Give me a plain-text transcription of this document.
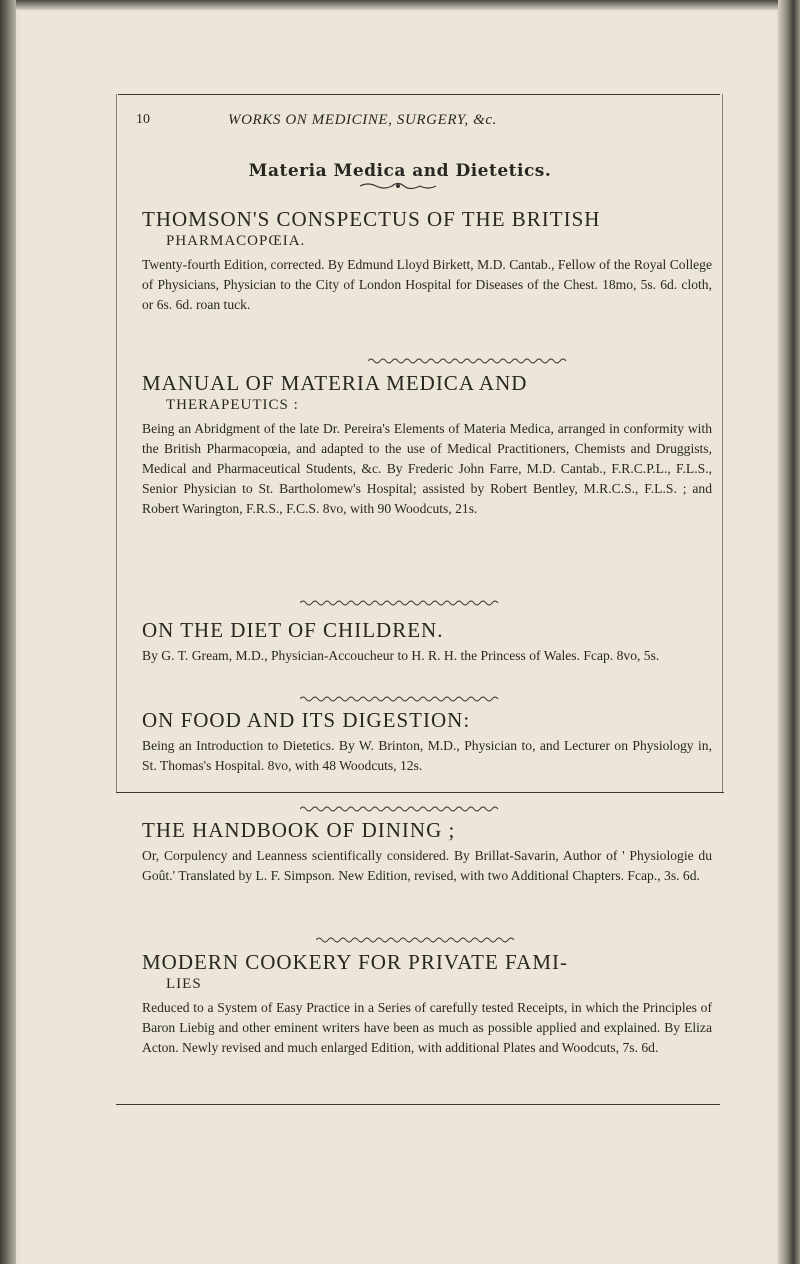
10	WORKS ON MEDICINE, SURGERY, &c.
Materia Medica and Dietetics.
THOMSON'S CONSPECTUS OF THE BRITISH
PHARMACOPŒIA.

Twenty-fourth Edition, corrected. By Edmund Lloyd Birkett, M.D. Cantab., Fellow of the Royal College of Physicians, Physician to the City of London Hospital for Diseases of the Chest. 18mo, 5s. 6d. cloth, or 6s. 6d. roan tuck.

MANUAL OF MATERIA MEDICA AND
THERAPEUTICS :

Being an Abridgment of the late Dr. Pereira's Elements of Materia Medica, arranged in conformity with the British Pharmacopœia, and adapted to the use of Medical Practitioners, Chemists and Druggists, Medical and Pharmaceutical Students, &c. By Frederic John Farre, M.D. Cantab., F.R.C.P.L., F.L.S., Senior Physician to St. Bartholomew's Hospital; assisted by Robert Bentley, M.R.C.S., F.L.S. ; and Robert Warington, F.R.S., F.C.S. 8vo, with 90 Woodcuts, 21s.

ON THE DIET OF CHILDREN.

By G. T. Gream, M.D., Physician-Accoucheur to H. R. H. the Princess of Wales. Fcap. 8vo, 5s.

ON FOOD AND ITS DIGESTION:

Being an Introduction to Dietetics. By W. Brinton, M.D., Physician to, and Lecturer on Physiology in, St. Thomas's Hospital. 8vo, with 48 Woodcuts, 12s.

THE HANDBOOK OF DINING ;

Or, Corpulency and Leanness scientifically considered. By Brillat-Savarin, Author of ' Physiologie du Goût.' Translated by L. F. Simpson. New Edition, revised, with two Additional Chapters. Fcap., 3s. 6d.

MODERN COOKERY FOR PRIVATE FAMI-
LIES

Reduced to a System of Easy Practice in a Series of carefully tested Receipts, in which the Principles of Baron Liebig and other eminent writers have been as much as possible applied and explained. By Eliza Acton. Newly revised and much enlarged Edition, with additional Plates and Woodcuts, 7s. 6d.
